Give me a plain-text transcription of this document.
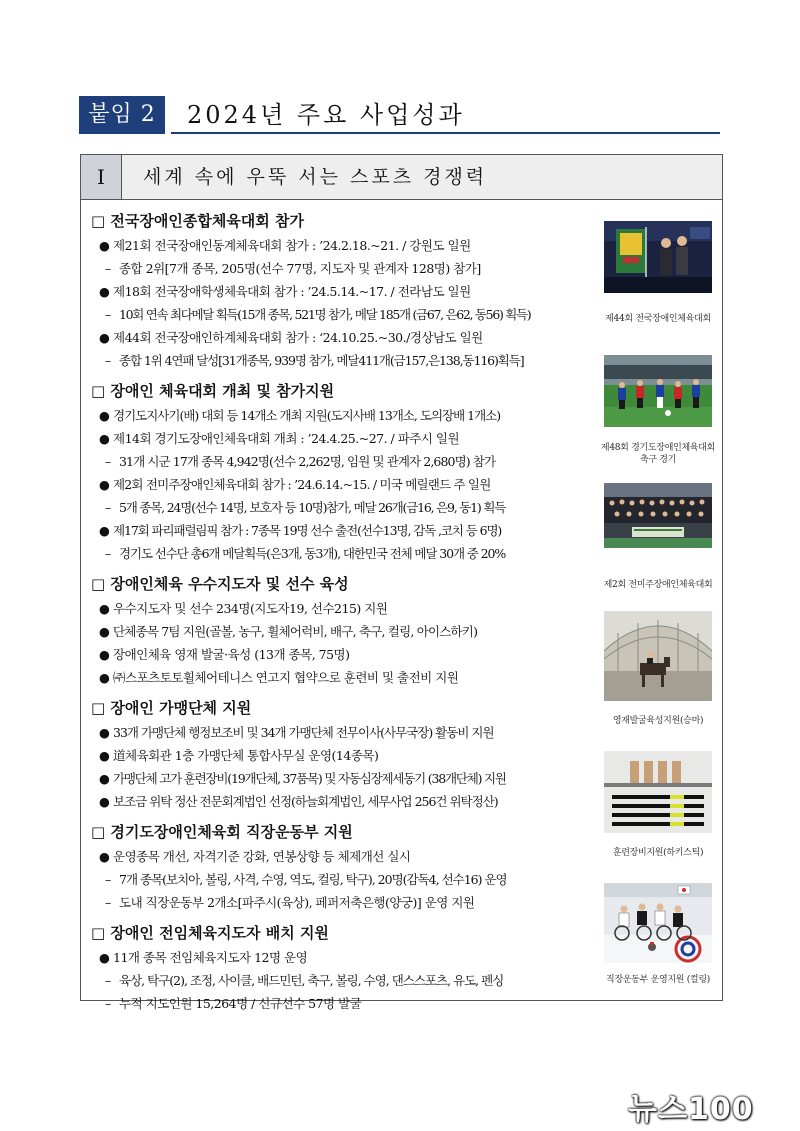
붙임 2	2024년 주요 사업성과
I	세계 속에 우뚝 서는 스포츠 경쟁력
□ 전국장애인종합체육대회 참가
● 제21회 전국장애인동계체육대회 참가 : ’24.2.18.~21. / 강원도 일원
– 종합 2위[7개 종목, 205명(선수 77명, 지도자 및 관계자 128명) 참가]
● 제18회 전국장애학생체육대회 참가 : ’24.5.14.~17. / 전라남도 일원
– 10회 연속 최다메달 획득(15개 종목, 521명 참가, 메달 185개 (금67, 은62, 동56) 획득)
● 제44회 전국장애인하계체육대회 참가 : ‘24.10.25.~30./경상남도 일원
– 종합 1위 4연패 달성[31개종목, 939명 참가, 메달411개(금157,은138,동116)획득]
□ 장애인 체육대회 개최 및 참가지원
● 경기도지사기(배) 대회 등 14개소 개최 지원(도지사배 13개소, 도의장배 1개소)
● 제14회 경기도장애인체육대회 개최 : ’24.4.25.~27. / 파주시 일원
– 31개 시군 17개 종목 4,942명(선수 2,262명, 임원 및 관계자 2,680명) 참가
● 제2회 전미주장애인체육대회 참가 : ’24.6.14.~15. / 미국 메릴랜드 주 일원
– 5개 종목, 24명(선수 14명, 보호자 등 10명)참가, 메달 26개(금16, 은9, 동1) 획득
● 제17회 파리패럴림픽 참가 : 7종목 19명 선수 출전(선수13명, 감독 ,코치 등 6명)
– 경기도 선수단 총6개 메달획득(은3개, 동3개), 대한민국 전체 메달 30개 중 20%
□ 장애인체육 우수지도자 및 선수 육성
● 우수지도자 및 선수 234명(지도자19, 선수215) 지원
● 단체종목 7팀 지원(골볼, 농구, 휠체어럭비, 배구, 축구, 컬링, 아이스하키)
● 장애인체육 영재 발굴·육성 (13개 종목, 75명)
● ㈜스포츠토토휠체어테니스 연고지 협약으로 훈련비 및 출전비 지원
□ 장애인 가맹단체 지원
● 33개 가맹단체 행정보조비 및 34개 가맹단체 전무이사(사무국장) 활동비 지원
● 道체육회관 1층 가맹단체 통합사무실 운영(14종목)
● 가맹단체 고가 훈련장비(19개단체, 37품목) 및 자동심장제세동기 (38개단체) 지원
● 보조금 위탁 정산 전문회계법인 선정(하늘회계법인, 세무사업 256건 위탁정산)
□ 경기도장애인체육회 직장운동부 지원
● 운영종목 개선, 자격기준 강화, 연봉상향 등 체제개선 실시
– 7개 종목(보치아, 볼링, 사격, 수영, 역도, 컬링, 탁구), 20명(감독4, 선수16) 운영
– 도내 직장운동부 2개소[파주시(육상), 페퍼저축은행(양궁)] 운영 지원
□ 장애인 전임체육지도자 배치 지원
● 11개 종목 전임체육지도자 12명 운영
– 육상, 탁구(2), 조정, 사이클, 배드민턴, 축구, 볼링, 수영, 댄스스포츠, 유도, 펜싱
– 누적 지도인원 15,264명 / 신규선수 57명 발굴
제44회 전국장애인체육대회
제48회 경기도장애인체육대회 축구 경기
제2회 전미주장애인체육대회
영재발굴육성지원(승마)
훈련장비지원(하키스틱)
직장운동부 운영지원 (컬링)
뉴스100
